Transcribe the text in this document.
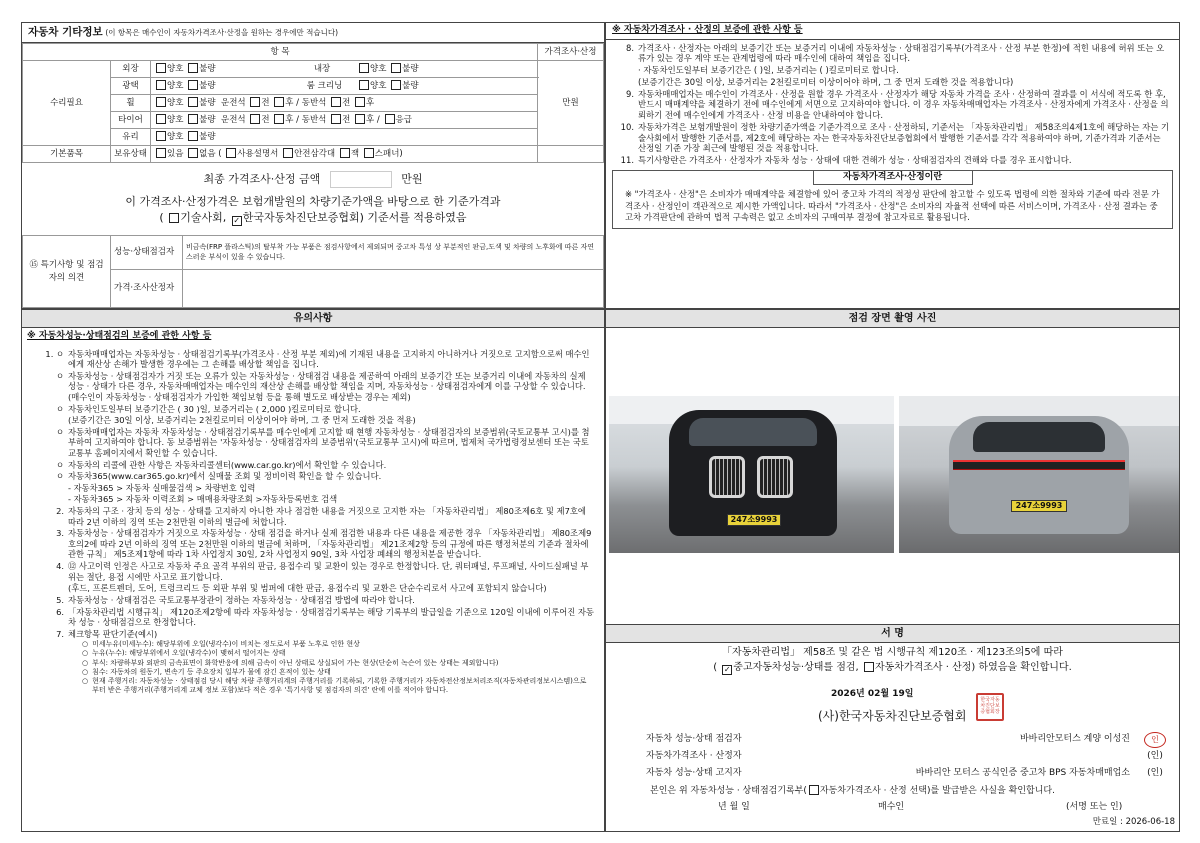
자동차 기타정보 (이 항목은 매수인이 자동차가격조사·산정을 원하는 경우에만 적습니다)
항 목			가격조사·산정
수리필요	외장	양호 불량 내장 양호 불량	만원
	광택	양호 불량 룸 크리닝 양호 불량	
	휠	양호 불량 운전석 전 후 / 동반석 전 후	
	타이어	양호 불량 운전석 전 후 / 동반석 전 후 / 응급	
	유리	양호 불량	
기본품목	보유상태	있음 없음 ( 사용설명서 안전삼각대 잭 스패너)	
최종 가격조사·산정 금액	만원
이 가격조사·산정가격은 보험개발원의 차량기준가액을 바탕으로 한 기준가격과
( 기술사회, ✓ 한국자동차진단보증협회) 기준서를 적용하였음
⑮ 특기사항 및 점검자의 의견	성능·상태점검자	비금속(FRP 플라스틱)의 탈부착 가능 부품은 점검사항에서 제외되며 중고차 특성 상 부분적인 판금,도색 및 차량의 노후화에 따른 자연스러운 부식이 있을 수 있습니다.
	가격·조사산정자	
※ 자동차가격조사 · 산정의 보증에 관한 사항 등
8. 가격조사 · 산정자는 아래의 보증기간 또는 보증거리 이내에 자동차성능 · 상태점검기록부(가격조사 · 산정 부분 한정)에 적힌 내용에 허위 또는 오류가 있는 경우 계약 또는 관계법령에 따라 매수인에 대하여 책임을 집니다.
· 자동차인도일부터 보증기간은 ( )일, 보증거리는 ( )킬로미터로 합니다.
(보증기간은 30일 이상, 보증거리는 2천킬로미터 이상이어야 하며, 그 중 먼저 도래한 것을 적용합니다)
9. 자동차매매업자는 매수인이 가격조사 · 산정을 원할 경우 가격조사 · 산정자가 해당 자동차 가격을 조사 · 산정하여 결과를 이 서식에 적도록 한 후, 반드시 매매계약을 체결하기 전에 매수인에게 서면으로 고지하여야 합니다. 이 경우 자동차매매업자는 가격조사 · 산정자에게 가격조사 · 산정을 의뢰하기 전에 매수인에게 가격조사 · 산정 비용을 안내하여야 합니다.
10. 자동차가격은 보험개발원이 정한 차량기준가액을 기준가격으로 조사 · 산정하되, 기준서는 「자동차관리법」 제58조의4제1호에 해당하는 자는 기술사회에서 발행한 기준서를, 제2호에 해당하는 자는 한국자동차진단보증협회에서 발행한 기준서를 각각 적용하여야 하며, 기준가격과 기준서는 산정일 기준 가장 최근에 발행된 것을 적용합니다.
11. 특기사항란은 가격조사 · 산정자가 자동차 성능 · 상태에 대한 견해가 성능 · 상태점검자의 견해와 다를 경우 표시합니다.
자동차가격조사·산정이란
※ "가격조사 · 산정"은 소비자가 매매계약을 체결함에 있어 중고차 가격의 적정성 판단에 참고할 수 있도록 법령에 의한 절차와 기준에 따라 전문 가격조사 · 산정인이 객관적으로 제시한 가액입니다. 따라서 "가격조사 · 산정"은 소비자의 자율적 선택에 따른 서비스이며, 가격조사 · 산정 결과는 중고차 가격판단에 관하여 법적 구속력은 없고 소비자의 구매여부 결정에 참고자료로 활용됩니다.
유의사항
※ 자동차성능·상태점검의 보증에 관한 사항 등
1. ㅇ 자동차매매업자는 자동차성능 · 상태점검기록부(가격조사 · 산정 부분 제외)에 기재된 내용을 고지하지 아니하거나 거짓으로 고지함으로써 매수인에게 재산상 손해가 발생한 경우에는 그 손해를 배상할 책임을 집니다.
ㅇ 자동차성능 · 상태점검자가 거짓 또는 오류가 있는 자동차성능 · 상태점검 내용을 제공하여 아래의 보증기간 또는 보증거리 이내에 자동차의 실제 성능 · 상태가 다른 경우, 자동차매매업자는 매수인의 재산상 손해를 배상할 책임을 지며, 자동차성능 · 상태점검자에게 이를 구상할 수 있습니다.(매수인이 자동차성능 · 상태점검자가 가입한 책임보험 등을 통해 별도로 배상받는 경우는 제외)
ㅇ 자동차인도일부터 보증기간은 ( 30 )일, 보증거리는 ( 2,000 )킬로미터로 합니다.
(보증기간은 30일 이상, 보증거리는 2천킬로미터 이상이어야 하며, 그 중 먼저 도래한 것을 적용)
ㅇ 자동차매매업자는 자동차 자동차성능 · 상태점검기록부를 매수인에게 고지할 때 현행 자동차성능 · 상태점검자의 보증범위(국토교통부 고시)를 첨부하여 고지하여야 합니다. 동 보증범위는 '자동차성능 · 상태점검자의 보증범위'(국토교통부 고시)에 따르며, 법제처 국가법령정보센터 또는 국토교통부 홈페이지에서 확인할 수 있습니다.
ㅇ 자동차의 리콜에 관한 사항은 자동차리콜센터(www.car.go.kr)에서 확인할 수 있습니다.
ㅇ 자동차365(www.car365.go.kr)에서 실매물 조회 및 정비이력 확인을 할 수 있습니다.
- 자동차365 > 자동차 실매물검색 > 차량번호 입력
- 자동차365 > 자동차 이력조회 > 매매용차량조회 >자동차등록번호 검색
2. 자동차의 구조 · 장치 등의 성능 · 상태를 고지하지 아니한 자나 점검한 내용을 거짓으로 고지한 자는 「자동차관리법」 제80조제6호 및 제7호에 따라 2년 이하의 징역 또는 2천만원 이하의 벌금에 처합니다.
3. 자동차성능 · 상태점검자가 거짓으로 자동차성능 · 상태 점검을 하거나 실제 점검한 내용과 다른 내용을 제공한 경우 「자동차관리법」 제80조제9호의2에 따라 2년 이하의 징역 또는 2천만원 이하의 벌금에 처하며, 「자동차관리법」 제21조제2항 등의 규정에 따른 행정처분의 기준과 절차에 관한 규칙」 제5조제1항에 따라 1차 사업정지 30일, 2차 사업정지 90일, 3차 사업장 폐쇄의 행정처분을 받습니다.
4. ⑫ 사고이력 인정은 사고로 자동차 주요 골격 부위의 판금, 용접수리 및 교환이 있는 경우로 한정합니다. 단, 쿼터패널, 루프패널, 사이드실패널 부위는 절단, 용접 시에만 사고로 표기합니다.
(후드, 프론트펜더, 도어, 트렁크리드 등 외판 부위 및 범퍼에 대한 판금, 용접수리 및 교환은 단순수리로서 사고에 포함되지 않습니다)
5. 자동차성능 · 상태점검은 국토교통부장관이 정하는 자동차성능 · 상태점검 방법에 따라야 합니다.
6. 「자동차관리법 시행규칙」 제120조제2항에 따라 자동차성능 · 상태점검기록부는 해당 기록부의 발급일을 기준으로 120일 이내에 이루어진 자동차 성능 · 상태점검으로 한정합니다.
7. 체크항목 판단기준(예시)
○ 미세누유(미세누수): 해당부위에 오일(냉각수)이 비치는 정도로서 부품 노후로 인한 현상
○ 누유(누수): 해당부위에서 오일(냉각수)이 맺혀서 떨어지는 상태
○ 부식: 차량하부와 외판의 금속표면이 화학반응에 의해 금속이 아닌 상태로 상실되어 가는 현상(단순히 녹슨어 있는 상태는 제외합니다)
○ 침수: 자동차의 원동기, 변속기 등 주요장치 일부가 물에 잠긴 흔적이 있는 상태
○ 현재 주행거리: 자동차성능 · 상태점검 당시 해당 차량 주행거리계의 주행거리를 기록하되, 기록한 주행거리가 자동차전산정보처리조직(자동차관리정보시스템)으로부터 받은 주행거리(주행거리계 교체 정보 포함)보다 적은 경우 '특기사항 및 점검자의 의견' 란에 이를 적어야 합니다.
점검 장면 촬영 사진
247소9993
247소9993
서 명
「자동차관리법」 제58조 및 같은 법 시행규칙 제120조 · 제123조의5에 따라
( ✓ 중고자동차성능·상태를 점검, 자동차가격조사 · 산정) 하였음을 확인합니다.
2026년 02월 19일
(사)한국자동차진단보증협회
한국자동차진단보증협회장
자동차 성능·상태 점검자	바바리안모터스 계양 이성진	인
자동차가격조사 · 산정자	(인)
자동차 성능·상태 고지자	바바리안 모터스 공식인증 중고차 BPS 자동차매매업소	(인)
본인은 위 자동차성능 · 상태점검기록부( 자동차가격조사 · 산정 선택)를 발급받은 사실을 확인합니다.
년 월 일	매수인	(서명 또는 인)
만료일 : 2026-06-18
